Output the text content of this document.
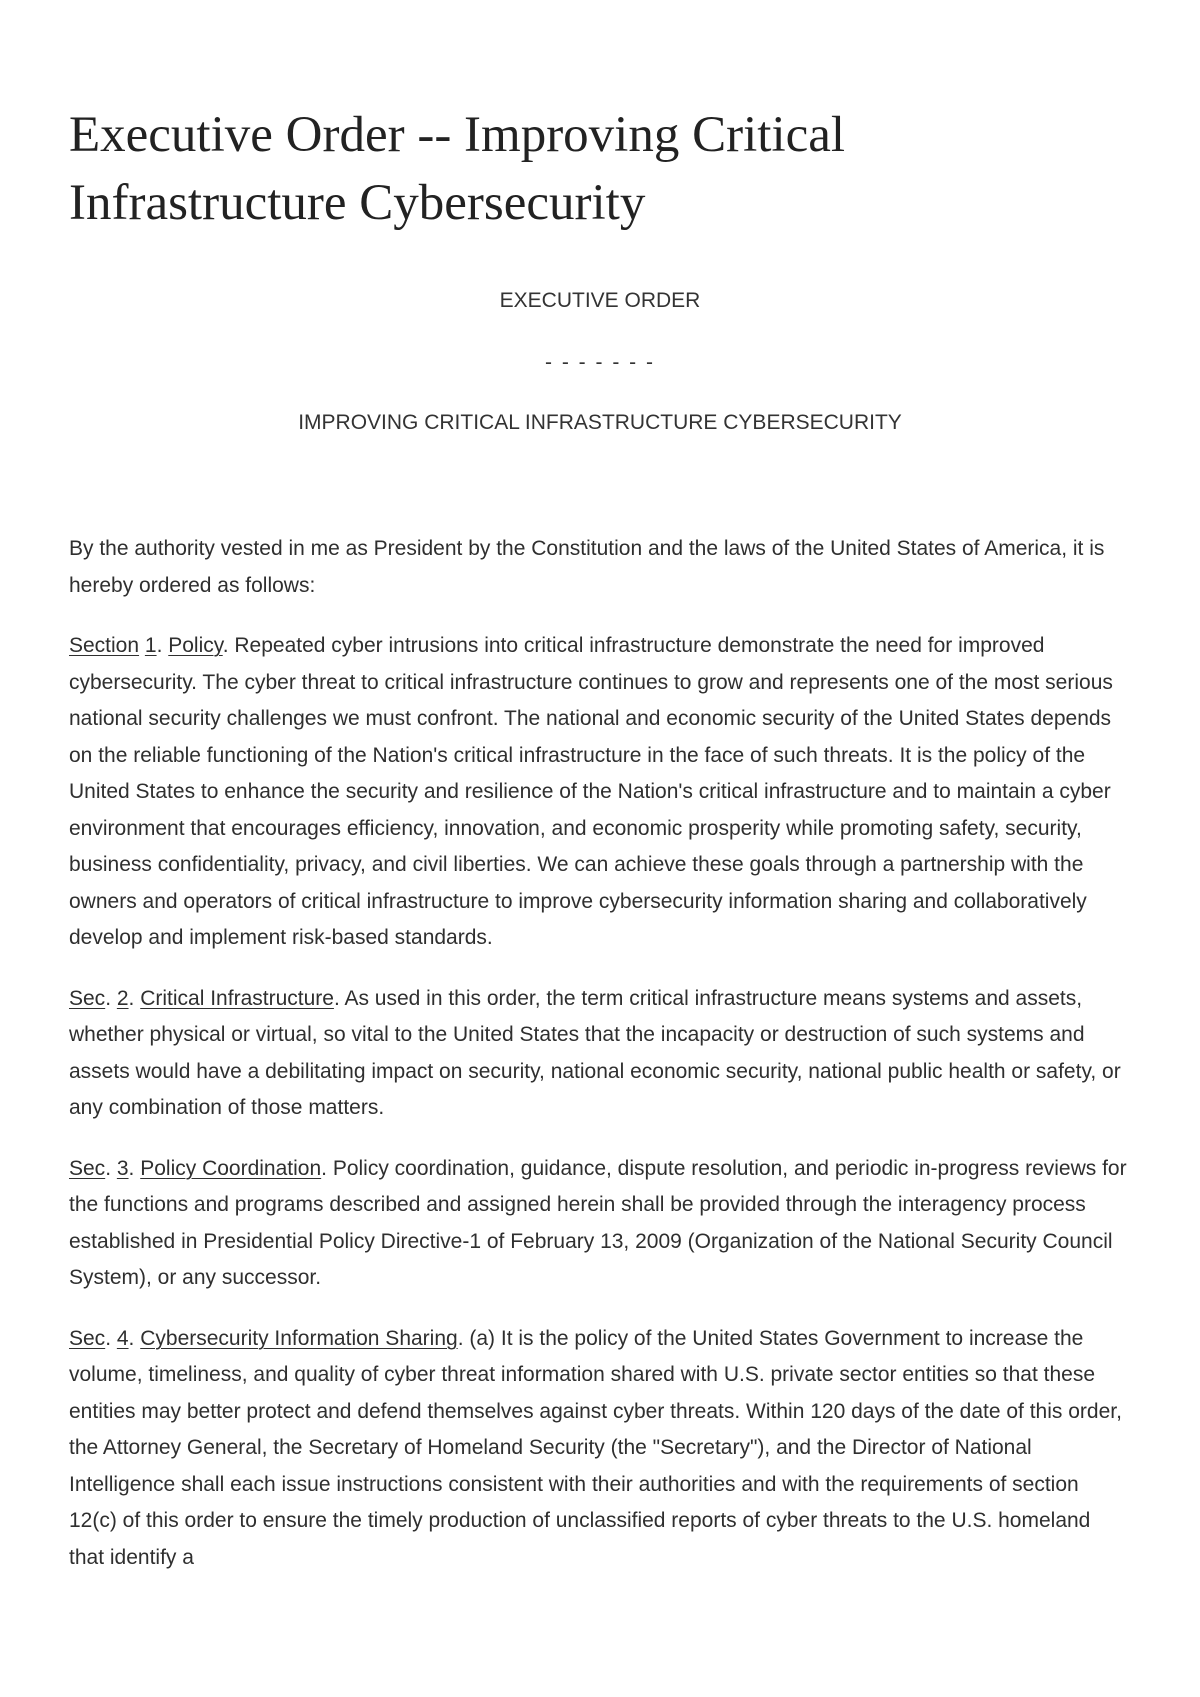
Executive Order -- Improving Critical Infrastructure Cybersecurity
EXECUTIVE ORDER
- - - - - - -
IMPROVING CRITICAL INFRASTRUCTURE CYBERSECURITY

By the authority vested in me as President by the Constitution and the laws of the United States of America, it is hereby ordered as follows:

Section 1. Policy. Repeated cyber intrusions into critical infrastructure demonstrate the need for improved cybersecurity. The cyber threat to critical infrastructure continues to grow and represents one of the most serious national security challenges we must confront. The national and economic security of the United States depends on the reliable functioning of the Nation's critical infrastructure in the face of such threats. It is the policy of the United States to enhance the security and resilience of the Nation's critical infrastructure and to maintain a cyber environment that encourages efficiency, innovation, and economic prosperity while promoting safety, security, business confidentiality, privacy, and civil liberties. We can achieve these goals through a partnership with the owners and operators of critical infrastructure to improve cybersecurity information sharing and collaboratively develop and implement risk-based standards.

Sec. 2. Critical Infrastructure. As used in this order, the term critical infrastructure means systems and assets, whether physical or virtual, so vital to the United States that the incapacity or destruction of such systems and assets would have a debilitating impact on security, national economic security, national public health or safety, or any combination of those matters.

Sec. 3. Policy Coordination. Policy coordination, guidance, dispute resolution, and periodic in-progress reviews for the functions and programs described and assigned herein shall be provided through the interagency process established in Presidential Policy Directive-1 of February 13, 2009 (Organization of the National Security Council System), or any successor.

Sec. 4. Cybersecurity Information Sharing. (a) It is the policy of the United States Government to increase the volume, timeliness, and quality of cyber threat information shared with U.S. private sector entities so that these entities may better protect and defend themselves against cyber threats. Within 120 days of the date of this order, the Attorney General, the Secretary of Homeland Security (the "Secretary"), and the Director of National Intelligence shall each issue instructions consistent with their authorities and with the requirements of section 12(c) of this order to ensure the timely production of unclassified reports of cyber threats to the U.S. homeland that identify a
